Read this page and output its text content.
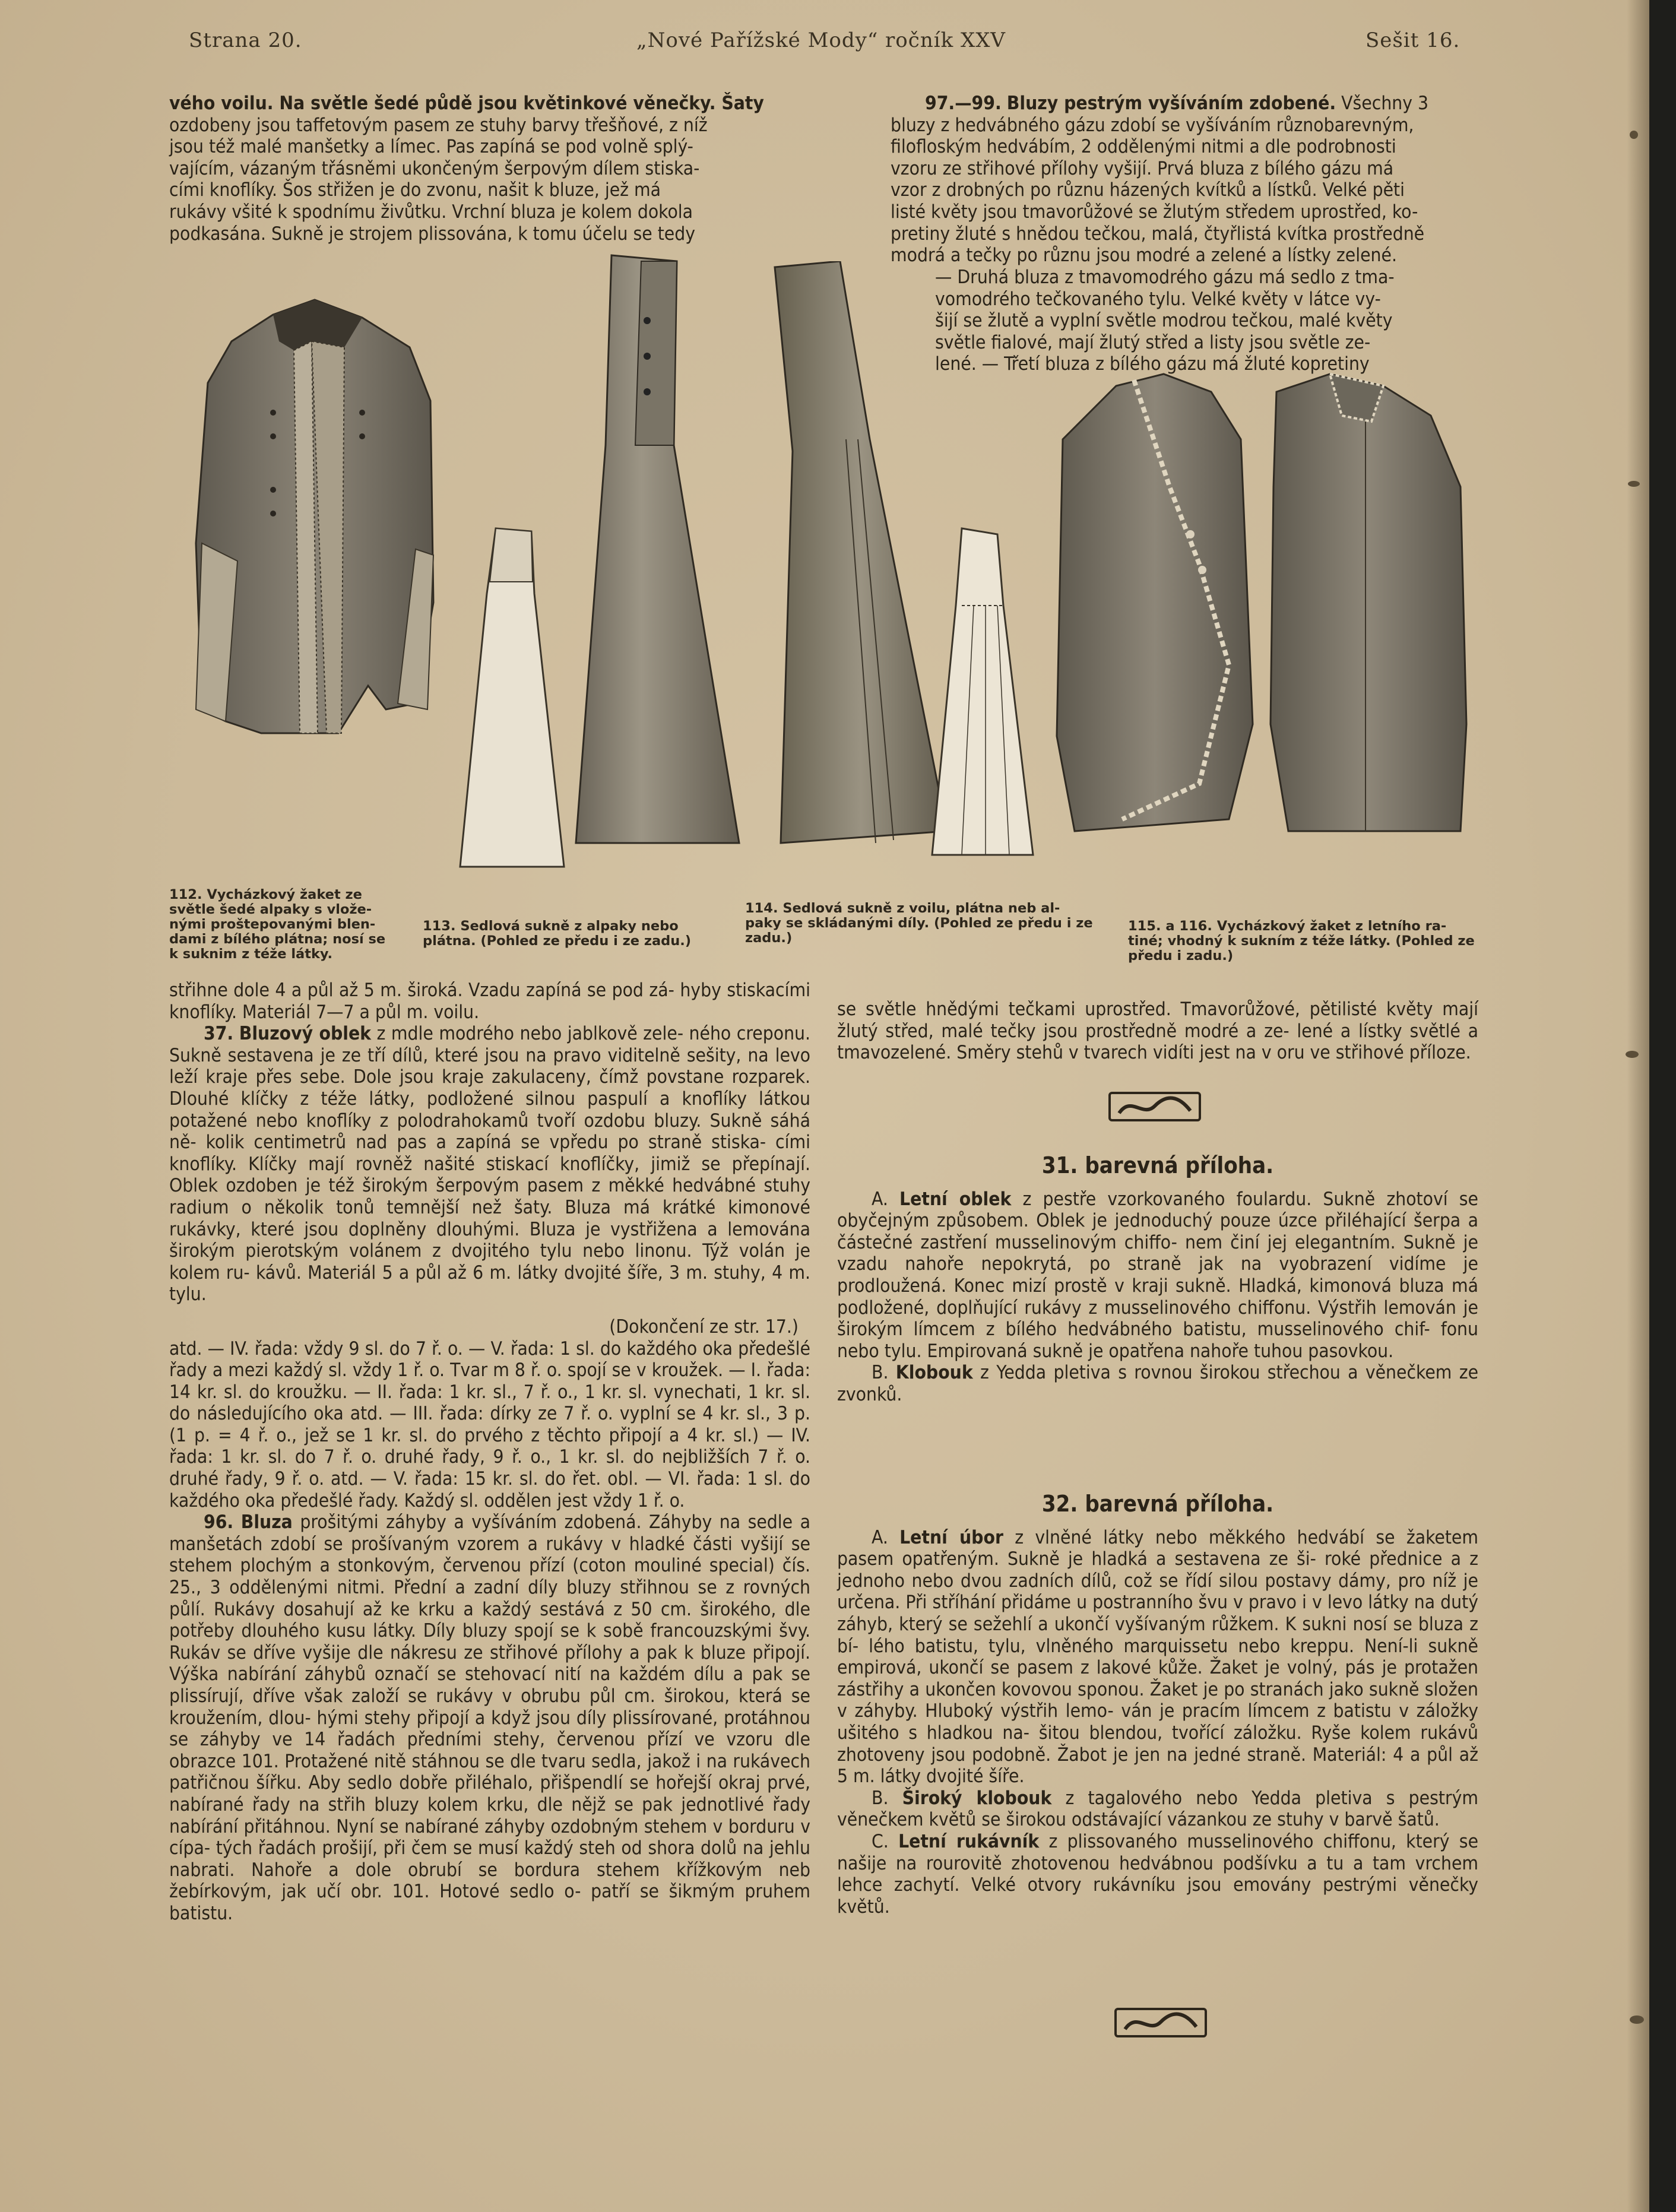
Strana 20.	„Nové Pařížské Mody“ ročník XXV	Sešit 16.

vého voilu. Na světle šedé půdě jsou květinkové věnečky. Šaty

ozdobeny jsou taffetovým pasem ze stuhy barvy třešňové, z níž

jsou též malé manšetky a límec. Pas zapíná se pod volně splý-

vajícím, vázaným třásněmi ukončeným šerpovým dílem stiska-

cími knoflíky. Šos střižen je do zvonu, našit k bluze, jež má

rukávy všité k spodnímu živůtku. Vrchní bluza je kolem dokola

podkasána. Sukně je strojem plissována, k tomu účelu se tedy

97.—99. Bluzy pestrým vyšíváním zdobené. Všechny 3

bluzy z hedvábného gázu zdobí se vyšíváním různobarevným,

filofloským hedvábím, 2 oddělenými nitmi a dle podrobnosti

vzoru ze střihové přílohy vyšijí. Prvá bluza z bílého gázu má

vzor z drobných po různu házených kvítků a lístků. Velké pěti

listé květy jsou tmavorůžové se žlutým středem uprostřed, ko-

pretiny žluté s hnědou tečkou, malá, čtyřlistá kvítka prostředně

modrá a tečky po různu jsou modré a zelené a lístky zelené.

— Druhá bluza z tmavomodrého gázu má sedlo z tma-

vomodrého tečkovaného tylu. Velké květy v látce vy-

šijí se žlutě a vyplní světle modrou tečkou, malé květy

světle fialové, mají žlutý střed a listy jsou světle ze-

lené. — Třetí bluza z bílého gázu má žluté kopretiny

112. Vycházkový žaket ze světle šedé alpaky s vlože- nými proštepovanými blen- dami z bílého plátna; nosí se k suknim z téže látky.
113. Sedlová sukně z alpaky nebo plátna. (Pohled ze předu i ze zadu.)
114. Sedlová sukně z voilu, plátna neb al- paky se skládanými díly. (Pohled ze předu i ze zadu.)
115. a 116. Vycházkový žaket z letního ra- tiné; vhodný k sukním z téže látky. (Pohled ze předu i zadu.)

střihne dole 4 a půl až 5 m. široká. Vzadu zapíná se pod zá- hyby stiskacími knoflíky. Materiál 7—7 a půl m. voilu.

37. Bluzový oblek z mdle modrého nebo jablkově zele- ného creponu. Sukně sestavena je ze tří dílů, které jsou na pravo viditelně sešity, na levo leží kraje přes sebe. Dole jsou kraje zakulaceny, čímž povstane rozparek. Dlouhé klíčky z téže látky, podložené silnou paspulí a knoflíky látkou potažené nebo knoflíky z polodrahokamů tvoří ozdobu bluzy. Sukně sáhá ně- kolik centimetrů nad pas a zapíná se vpředu po straně stiska- cími knoflíky. Klíčky mají rovněž našité stiskací knoflíčky, jimiž se přepínají. Oblek ozdoben je též širokým šerpovým pasem z měkké hedvábné stuhy radium o několik tonů temnější než šaty. Bluza má krátké kimonové rukávky, které jsou doplněny dlouhými. Bluza je vystřižena a lemována širokým pierotským volánem z dvojitého tylu nebo linonu. Týž volán je kolem ru- kávů. Materiál 5 a půl až 6 m. látky dvojité šíře, 3 m. stuhy, 4 m. tylu.

(Dokončení ze str. 17.)

atd. — IV. řada: vždy 9 sl. do 7 ř. o. — V. řada: 1 sl. do každého oka předešlé řady a mezi každý sl. vždy 1 ř. o. Tvar m 8 ř. o. spojí se v kroužek. — I. řada: 14 kr. sl. do kroužku. — II. řada: 1 kr. sl., 7 ř. o., 1 kr. sl. vynechati, 1 kr. sl. do následujícího oka atd. — III. řada: dírky ze 7 ř. o. vyplní se 4 kr. sl., 3 p. (1 p. = 4 ř. o., jež se 1 kr. sl. do prvého z těchto připojí a 4 kr. sl.) — IV. řada: 1 kr. sl. do 7 ř. o. druhé řady, 9 ř. o., 1 kr. sl. do nejbližších 7 ř. o. druhé řady, 9 ř. o. atd. — V. řada: 15 kr. sl. do řet. obl. — VI. řada: 1 sl. do každého oka předešlé řady. Každý sl. oddělen jest vždy 1 ř. o.

96. Bluza prošitými záhyby a vyšíváním zdobená. Záhyby na sedle a manšetách zdobí se prošívaným vzorem a rukávy v hladké části vyšijí se stehem plochým a stonkovým, červenou přízí (coton mouliné special) čís. 25., 3 oddělenými nitmi. Přední a zadní díly bluzy střihnou se z rovných půlí. Rukávy dosahují až ke krku a každý sestává z 50 cm. širokého, dle potřeby dlouhého kusu látky. Díly bluzy spojí se k sobě francouzskými švy. Rukáv se dříve vyšije dle nákresu ze střihové přílohy a pak k bluze připojí. Výška nabírání záhybů označí se stehovací nití na každém dílu a pak se plissírují, dříve však založí se rukávy v obrubu půl cm. širokou, která se kroužením, dlou- hými stehy připojí a když jsou díly plissírované, protáhnou se záhyby ve 14 řadách předními stehy, červenou přízí ve vzoru dle obrazce 101. Protažené nitě stáhnou se dle tvaru sedla, jakož i na rukávech patřičnou šířku. Aby sedlo dobře přiléhalo, přišpendlí se hořejší okraj prvé, nabírané řady na střih bluzy kolem krku, dle nějž se pak jednotlivé řady nabírání přitáhnou. Nyní se nabírané záhyby ozdobným stehem v borduru v cípa- tých řadách prošijí, při čem se musí každý steh od shora dolů na jehlu nabrati. Nahoře a dole obrubí se bordura stehem křížkovým neb žebírkovým, jak učí obr. 101. Hotové sedlo o- patří se šikmým pruhem batistu.

se světle hnědými tečkami uprostřed. Tmavorůžové, pětilisté květy mají žlutý střed, malé tečky jsou prostředně modré a ze- lené a lístky světlé a tmavozelené. Směry stehů v tvarech vidíti jest na v oru ve střihové příloze.

31. barevná příloha.

A. Letní oblek z pestře vzorkovaného foulardu. Sukně zhotoví se obyčejným způsobem. Oblek je jednoduchý pouze úzce přiléhající šerpa a částečné zastření musselinovým chiffo- nem činí jej elegantním. Sukně je vzadu nahoře nepokrytá, po straně jak na vyobrazení vidíme je prodloužená. Konec mizí prostě v kraji sukně. Hladká, kimonová bluza má podložené, doplňující rukávy z musselinového chiffonu. Výstřih lemován je širokým límcem z bílého hedvábného batistu, musselinového chif- fonu nebo tylu. Empirovaná sukně je opatřena nahoře tuhou pasovkou.

B. Klobouk z Yedda pletiva s rovnou širokou střechou a věnečkem ze zvonků.

32. barevná příloha.

A. Letní úbor z vlněné látky nebo měkkého hedvábí se žaketem pasem opatřeným. Sukně je hladká a sestavena ze ši- roké přednice a z jednoho nebo dvou zadních dílů, což se řídí silou postavy dámy, pro níž je určena. Při stříhání přidáme u postranního švu v pravo i v levo látky na dutý záhyb, který se sežehlí a ukončí vyšívaným růžkem. K sukni nosí se bluza z bí- lého batistu, tylu, vlněného marquissetu nebo kreppu. Není-li sukně empirová, ukončí se pasem z lakové kůže. Žaket je volný, pás je protažen zástřihy a ukončen kovovou sponou. Žaket je po stranách jako sukně složen v záhyby. Hluboký výstřih lemo- ván je pracím límcem z batistu v záložky ušitého s hladkou na- šitou blendou, tvořící záložku. Ryše kolem rukávů zhotoveny jsou podobně. Žabot je jen na jedné straně. Materiál: 4 a půl až 5 m. látky dvojité šíře.

B. Široký klobouk z tagalového nebo Yedda pletiva s pestrým věnečkem květů se širokou odstávající vázankou ze stuhy v barvě šatů.

C. Letní rukávník z plissovaného musselinového chiffonu, který se našije na rourovitě zhotovenou hedvábnou podšívku a tu a tam vrchem lehce zachytí. Velké otvory rukávníku jsou emovány pestrými věnečky květů.
